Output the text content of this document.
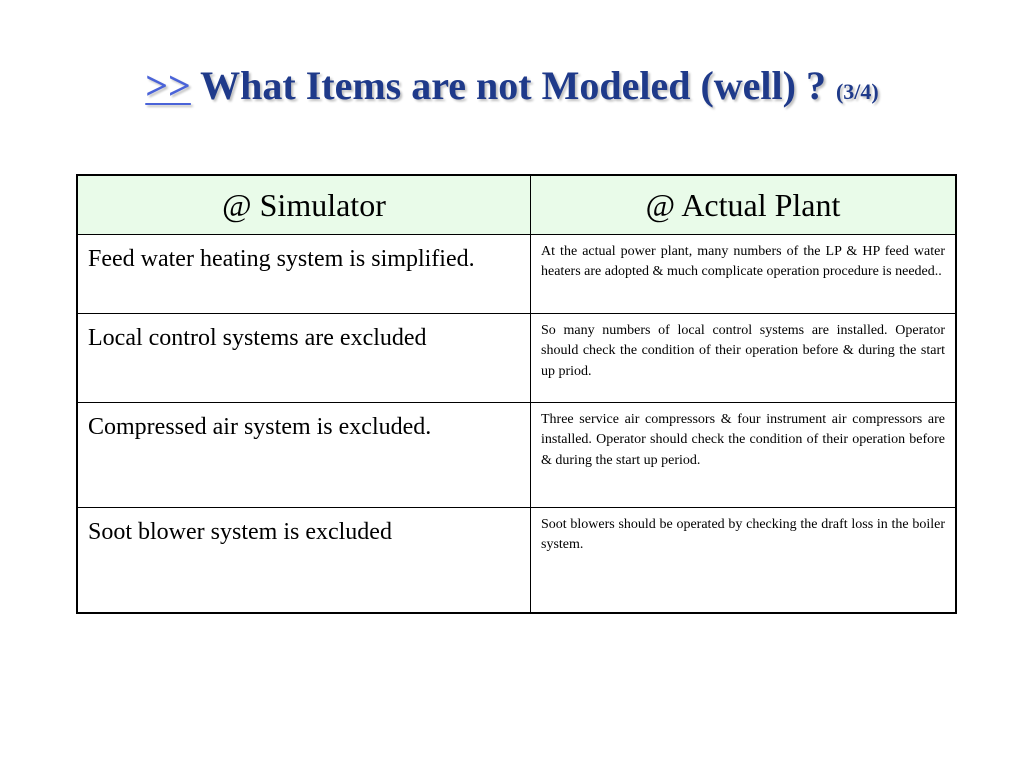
>> What Items are not Modeled (well) ? (3/4)
@ Simulator	@ Actual Plant
Feed water heating system is simplified.	At the actual power plant, many numbers of the LP & HP feed water heaters are adopted & much complicate operation procedure is needed..
Local control systems are excluded	So many numbers of local control systems are installed. Operator should check the condition of their operation before & during the start up priod.
Compressed air system is excluded.	Three service air compressors & four instrument air compressors are installed. Operator should check the condition of their operation before & during the start up period.
Soot blower system is excluded	Soot blowers should be operated by checking the draft loss in the boiler system.
